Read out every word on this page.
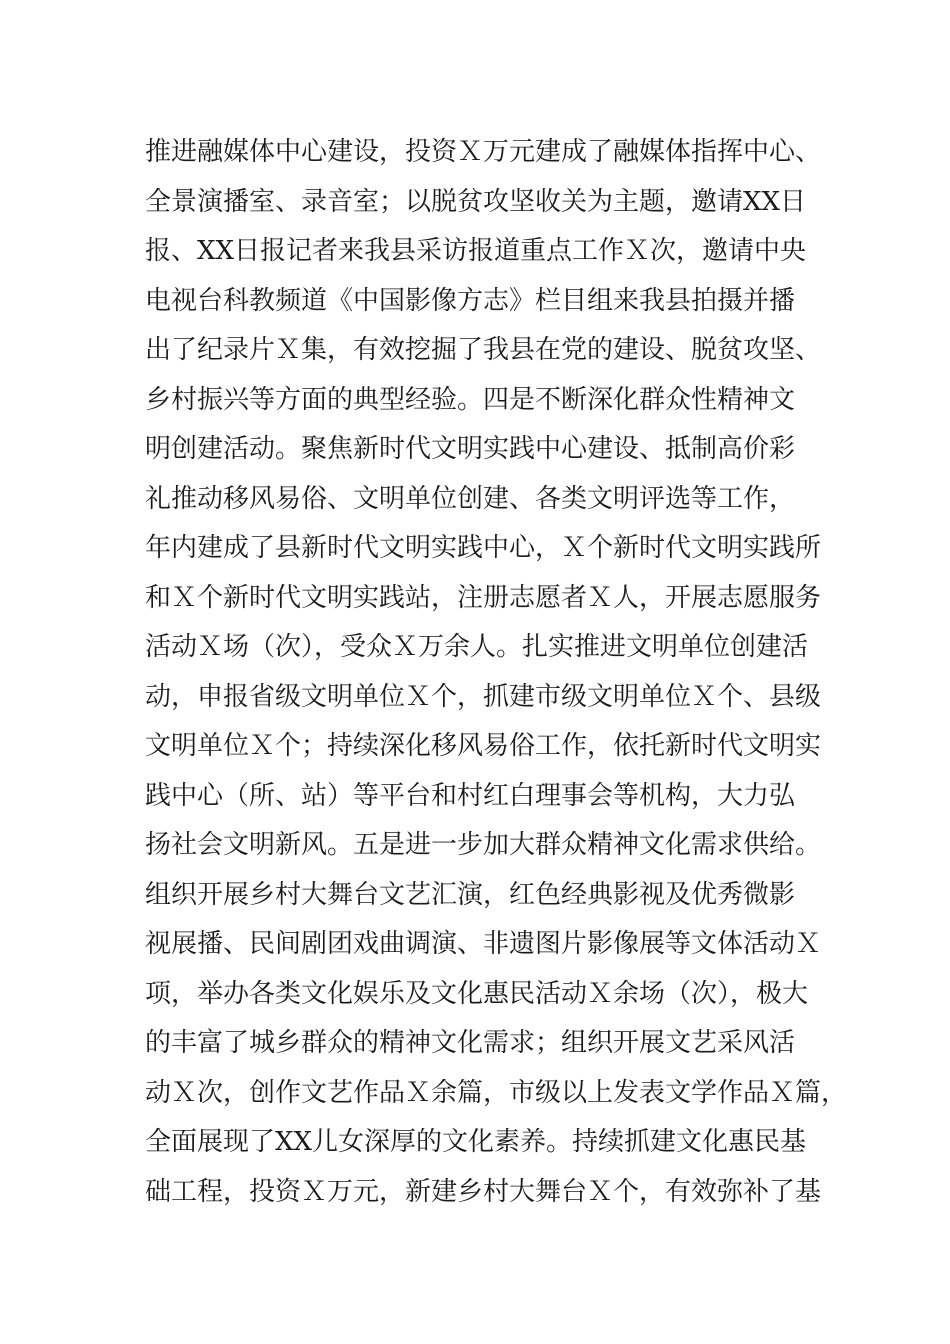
推进融媒体中心建设，投资Ｘ万元建成了融媒体指挥中心、
全景演播室、录音室；以脱贫攻坚收关为主题，邀请XX日
报、XX日报记者来我县采访报道重点工作Ｘ次，邀请中央
电视台科教频道《中国影像方志》栏目组来我县拍摄并播
出了纪录片Ｘ集，有效挖掘了我县在党的建设、脱贫攻坚、
乡村振兴等方面的典型经验。四是不断深化群众性精神文
明创建活动。聚焦新时代文明实践中心建设、抵制高价彩
礼推动移风易俗、文明单位创建、各类文明评选等工作，
年内建成了县新时代文明实践中心，Ｘ个新时代文明实践所
和Ｘ个新时代文明实践站，注册志愿者Ｘ人，开展志愿服务
活动Ｘ场（次），受众Ｘ万余人。扎实推进文明单位创建活
动，申报省级文明单位Ｘ个，抓建市级文明单位Ｘ个、县级
文明单位Ｘ个；持续深化移风易俗工作，依托新时代文明实
践中心（所、站）等平台和村红白理事会等机构，大力弘
扬社会文明新风。五是进一步加大群众精神文化需求供给。
组织开展乡村大舞台文艺汇演，红色经典影视及优秀微影
视展播、民间剧团戏曲调演、非遗图片影像展等文体活动Ｘ
项，举办各类文化娱乐及文化惠民活动Ｘ余场（次），极大
的丰富了城乡群众的精神文化需求；组织开展文艺采风活
动Ｘ次，创作文艺作品Ｘ余篇，市级以上发表文学作品Ｘ篇，
全面展现了XX儿女深厚的文化素养。持续抓建文化惠民基
础工程，投资Ｘ万元，新建乡村大舞台Ｘ个，有效弥补了基
